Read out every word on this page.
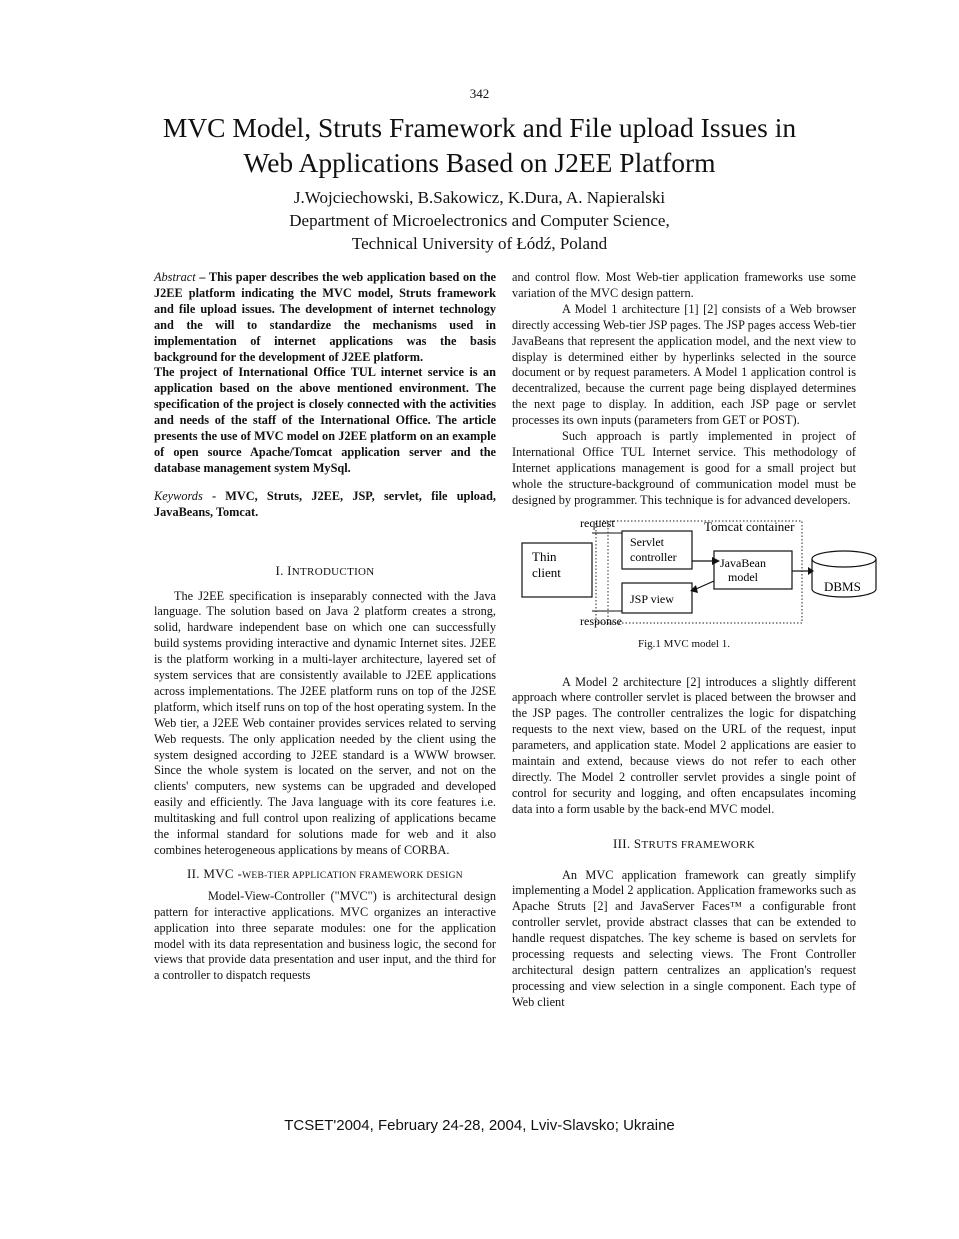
342
MVC Model, Struts Framework and File upload Issues in
Web Applications Based on J2EE Platform
J.Wojciechowski, B.Sakowicz, K.Dura, A. Napieralski
Department of Microelectronics and Computer Science,
Technical University of Łódź, Poland

Abstract – This paper describes the web application based on the J2EE platform indicating the MVC model, Struts framework and file upload issues. The development of internet technology and the will to standardize the mechanisms used in implementation of internet applications was the basis background for the development of J2EE platform.

The project of International Office TUL internet service is an application based on the above mentioned environment. The specification of the project is closely connected with the activities and needs of the staff of the International Office. The article presents the use of MVC model on J2EE platform on an example of open source Apache/Tomcat application server and the database management system MySql.

Keywords - MVC, Struts, J2EE, JSP, servlet, file upload, JavaBeans, Tomcat.

I. INTRODUCTION

The J2EE specification is inseparably connected with the Java language. The solution based on Java 2 platform creates a strong, solid, hardware independent base on which one can successfully build systems providing interactive and dynamic Internet sites. J2EE is the platform working in a multi-layer architecture, layered set of system services that are consistently available to J2EE applications across implementations. The J2EE platform runs on top of the J2SE platform, which itself runs on top of the host operating system. In the Web tier, a J2EE Web container provides services related to serving Web requests. The only application needed by the client using the system designed according to J2EE standard is a WWW browser. Since the whole system is located on the server, and not on the clients' computers, new systems can be upgraded and developed easily and efficiently. The Java language with its core features i.e. multitasking and full control upon realizing of applications became the informal standard for solutions made for web and it also combines heterogeneous applications by means of CORBA.

II. MVC -WEB-TIER APPLICATION FRAMEWORK DESIGN

Model-View-Controller ("MVC") is architectural design pattern for interactive applications. MVC organizes an interactive application into three separate modules: one for the application model with its data representation and business logic, the second for views that provide data presentation and user input, and the third for a controller to dispatch requests

and control flow. Most Web-tier application frameworks use some variation of the MVC design pattern.

A Model 1 architecture [1] [2] consists of a Web browser directly accessing Web-tier JSP pages. The JSP pages access Web-tier JavaBeans that represent the application model, and the next view to display is determined either by hyperlinks selected in the source document or by request parameters. A Model 1 application control is decentralized, because the current page being displayed determines the next page to display. In addition, each JSP page or servlet processes its own inputs (parameters from GET or POST).

Such approach is partly implemented in project of International Office TUL Internet service. This methodology of Internet applications management is good for a small project but whole the structure-background of communication model must be designed by programmer. This technique is for advanced developers.

request
response
Tomcat container
Thin
client
Servlet
controller
JSP view
JavaBean
model
DBMS

Fig.1 MVC model 1.

A Model 2 architecture [2] introduces a slightly different approach where controller servlet is placed between the browser and the JSP pages. The controller centralizes the logic for dispatching requests to the next view, based on the URL of the request, input parameters, and application state. Model 2 applications are easier to maintain and extend, because views do not refer to each other directly. The Model 2 controller servlet provides a single point of control for security and logging, and often encapsulates incoming data into a form usable by the back-end MVC model.

III. STRUTS FRAMEWORK

An MVC application framework can greatly simplify implementing a Model 2 application. Application frameworks such as Apache Struts [2] and JavaServer Faces™ a configurable front controller servlet, provide abstract classes that can be extended to handle request dispatches. The key scheme is based on servlets for processing requests and selecting views. The Front Controller architectural design pattern centralizes an application's request processing and view selection in a single component. Each type of Web client

TCSET'2004, February 24-28, 2004, Lviv-Slavsko; Ukraine
